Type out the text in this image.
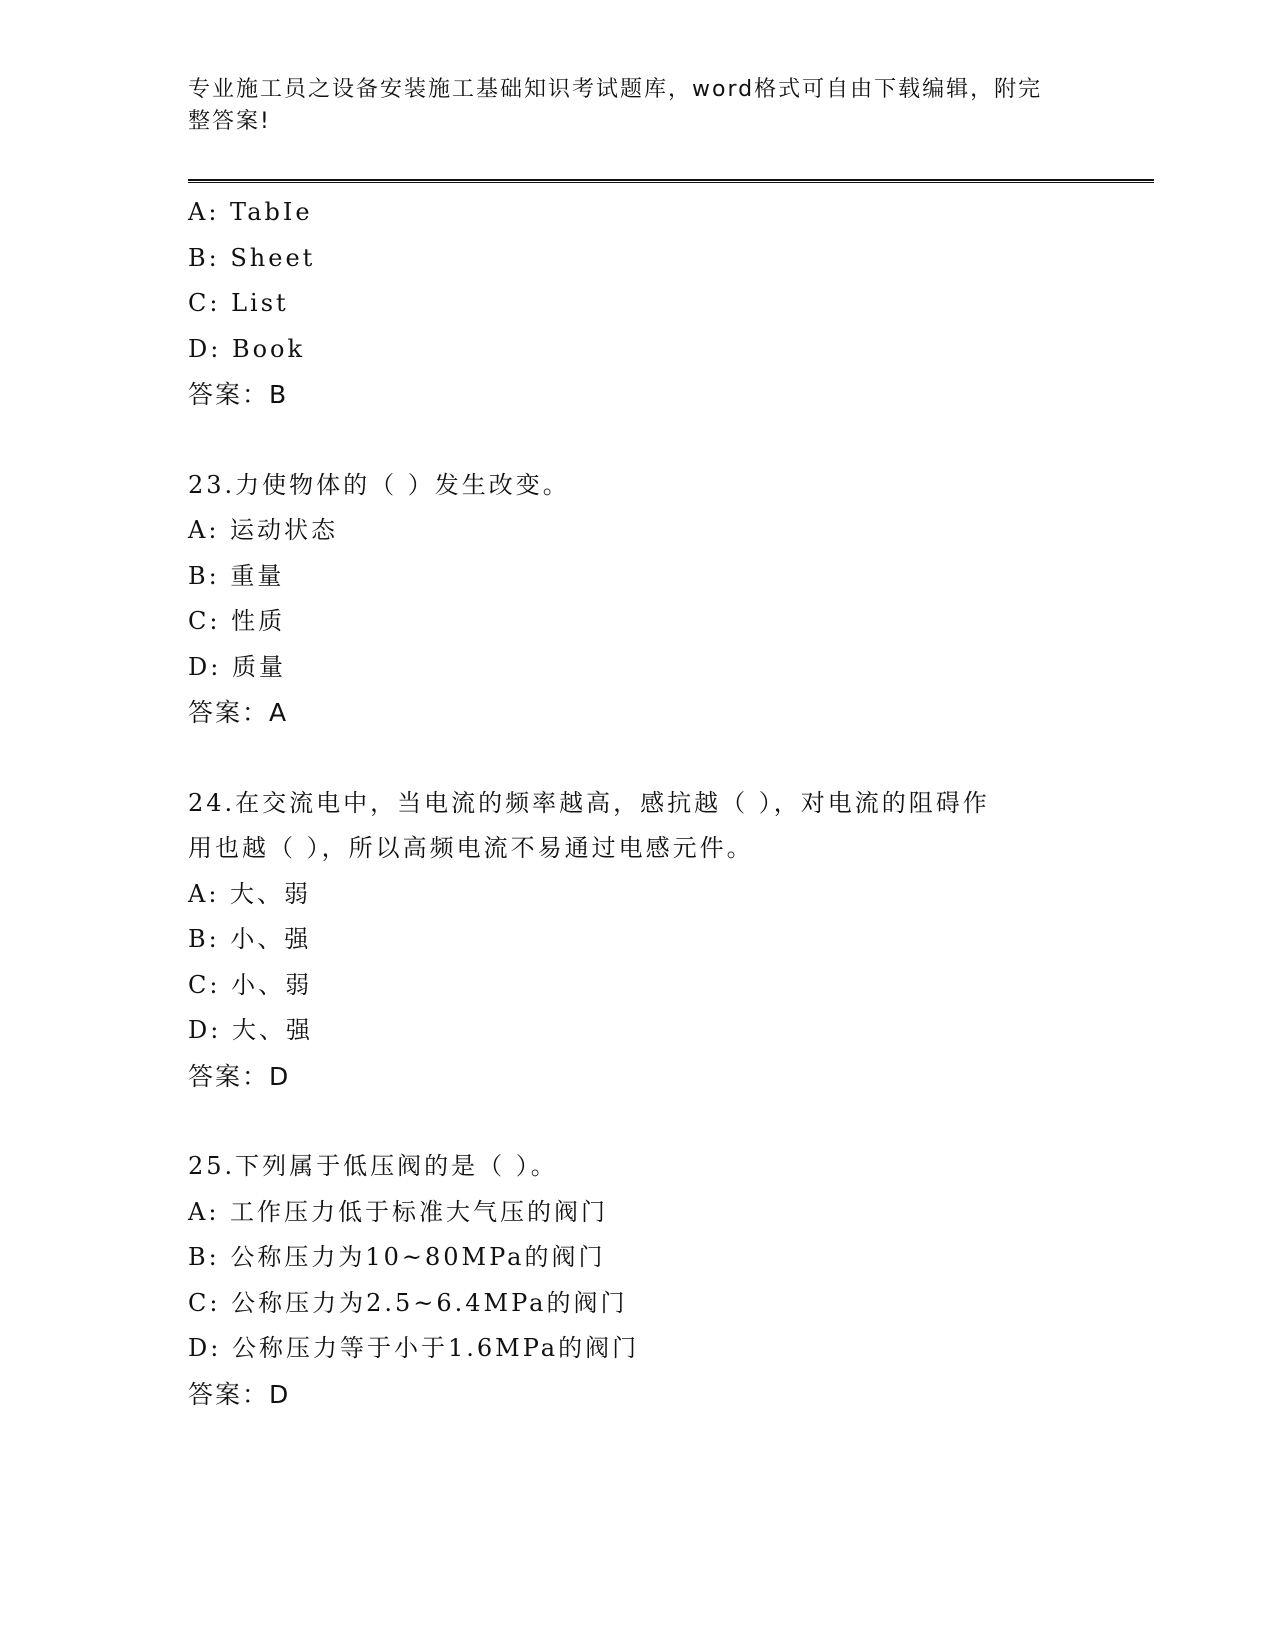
专业施工员之设备安装施工基础知识考试题库，word格式可自由下载编辑，附完
整答案!
A: TabIe
B: Sheet
C: List
D: Book
答案：B
23.力使物体的（ ）发生改变。
A: 运动状态
B: 重量
C: 性质
D: 质量
答案：A
24.在交流电中，当电流的频率越高，感抗越（ ），对电流的阻碍作
用也越（ ），所以高频电流不易通过电感元件。
A: 大、弱
B: 小、强
C: 小、弱
D: 大、强
答案：D
25.下列属于低压阀的是（ ）。
A: 工作压力低于标准大气压的阀门
B: 公称压力为10~80MPa的阀门
C: 公称压力为2.5~6.4MPa的阀门
D: 公称压力等于小于1.6MPa的阀门
答案：D
